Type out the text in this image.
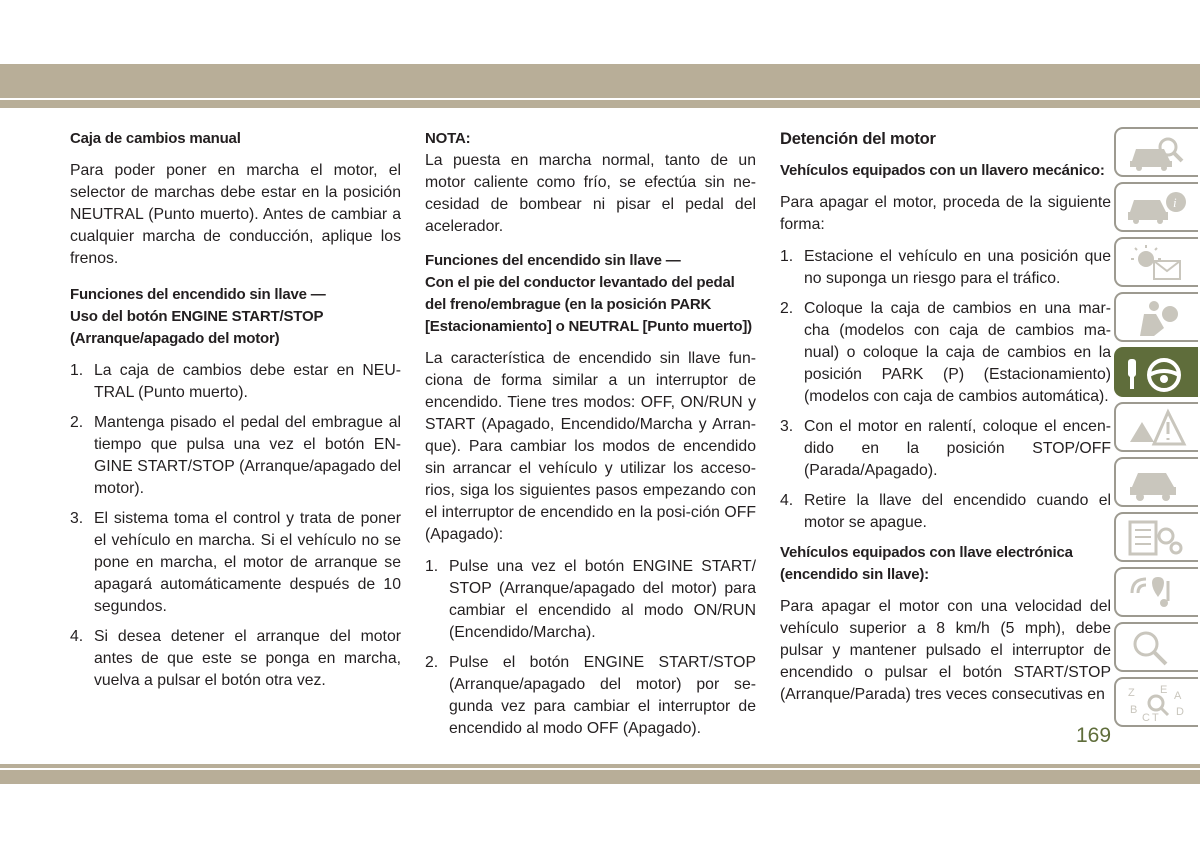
Caja de cambios manual
Para poder poner en marcha el motor, el selector de marchas debe estar en la posición NEUTRAL (Punto muerto). Antes de cambiar a cualquier marcha de conducción, aplique los frenos.
Funciones del encendido sin llave —
Uso del botón ENGINE START/STOP
(Arranque/apagado del motor)
1. La caja de cambios debe estar en NEU-TRAL (Punto muerto).
2. Mantenga pisado el pedal del embrague al tiempo que pulsa una vez el botón EN-GINE START/STOP (Arranque/apagado del motor).
3. El sistema toma el control y trata de poner el vehículo en marcha. Si el vehículo no se pone en marcha, el motor de arranque se apagará automáticamente después de 10 segundos.
4. Si desea detener el arranque del motor antes de que este se ponga en marcha, vuelva a pulsar el botón otra vez.
NOTA:
La puesta en marcha normal, tanto de un motor caliente como frío, se efectúa sin ne-cesidad de bombear ni pisar el pedal del acelerador.
Funciones del encendido sin llave —
Con el pie del conductor levantado del pedal del freno/embrague (en la posición PARK [Estacionamiento] o NEUTRAL [Punto muerto])
La característica de encendido sin llave fun-ciona de forma similar a un interruptor de encendido. Tiene tres modos: OFF, ON/RUN y START (Apagado, Encendido/Marcha y Arran-que). Para cambiar los modos de encendido sin arrancar el vehículo y utilizar los acceso-rios, siga los siguientes pasos empezando con el interruptor de encendido en la posi-ción OFF (Apagado):
1. Pulse una vez el botón ENGINE START/ STOP (Arranque/apagado del motor) para cambiar el encendido al modo ON/RUN (Encendido/Marcha).
2. Pulse el botón ENGINE START/STOP (Arranque/apagado del motor) por se-gunda vez para cambiar el interruptor de encendido al modo OFF (Apagado).
Detención del motor
Vehículos equipados con un llavero mecánico:
Para apagar el motor, proceda de la siguiente forma:
1. Estacione el vehículo en una posición que no suponga un riesgo para el tráfico.
2. Coloque la caja de cambios en una mar-cha (modelos con caja de cambios ma-nual) o coloque la caja de cambios en la posición PARK (P) (Estacionamiento) (modelos con caja de cambios automática).
3. Con el motor en ralentí, coloque el encen-dido en la posición STOP/OFF (Parada/Apagado).
4. Retire la llave del encendido cuando el motor se apague.
Vehículos equipados con llave electrónica
(encendido sin llave):
Para apagar el motor con una velocidad del vehículo superior a 8 km/h (5 mph), debe pulsar y mantener pulsado el interruptor de encendido o pulsar el botón START/STOP (Arranque/Parada) tres veces consecutivas en
i
Z
B
C
E A
T D
169
